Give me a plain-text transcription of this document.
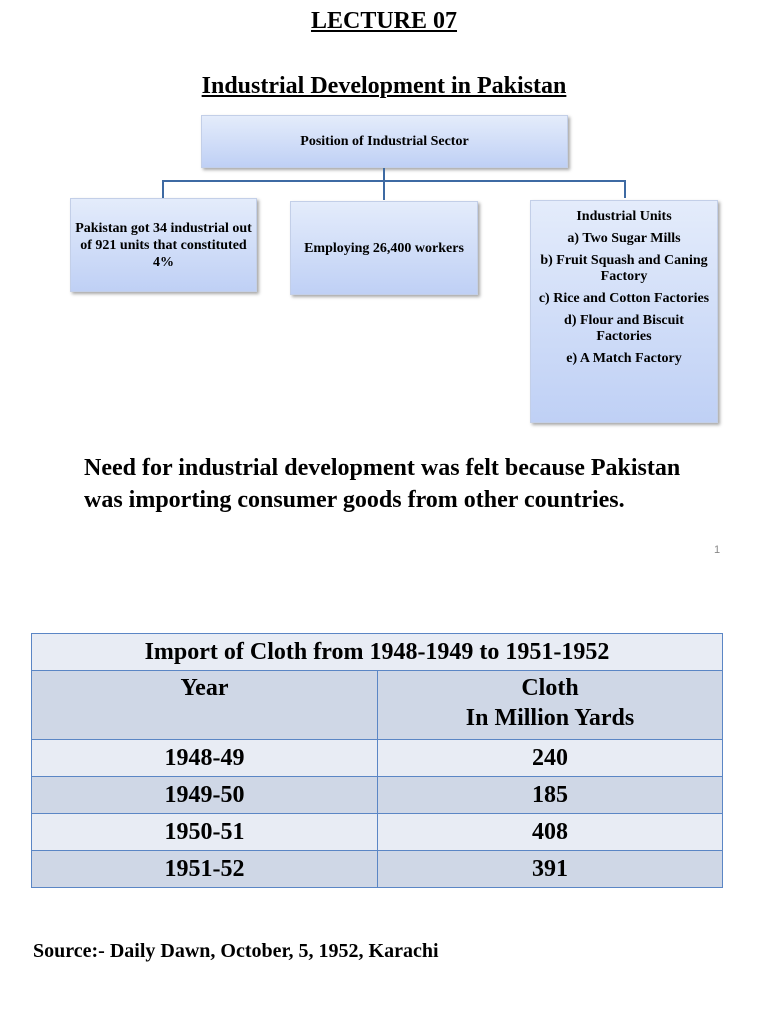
LECTURE 07
Industrial Development in Pakistan
Position of Industrial Sector
Pakistan got 34 industrial out of 921 units that constituted 4%
Employing 26,400 workers
Industrial Units
a) Two Sugar Mills
b) Fruit Squash and Caning Factory
c) Rice and Cotton Factories
d) Flour and Biscuit Factories
e) A Match Factory
Need for industrial development was felt because Pakistan was importing consumer goods from other countries.
1
Import of Cloth from 1948-1949 to 1951-1952	
Year	Cloth
In Million Yards
1948-49	240
1949-50	185
1950-51	408
1951-52	391
Source:- Daily Dawn, October, 5, 1952, Karachi
